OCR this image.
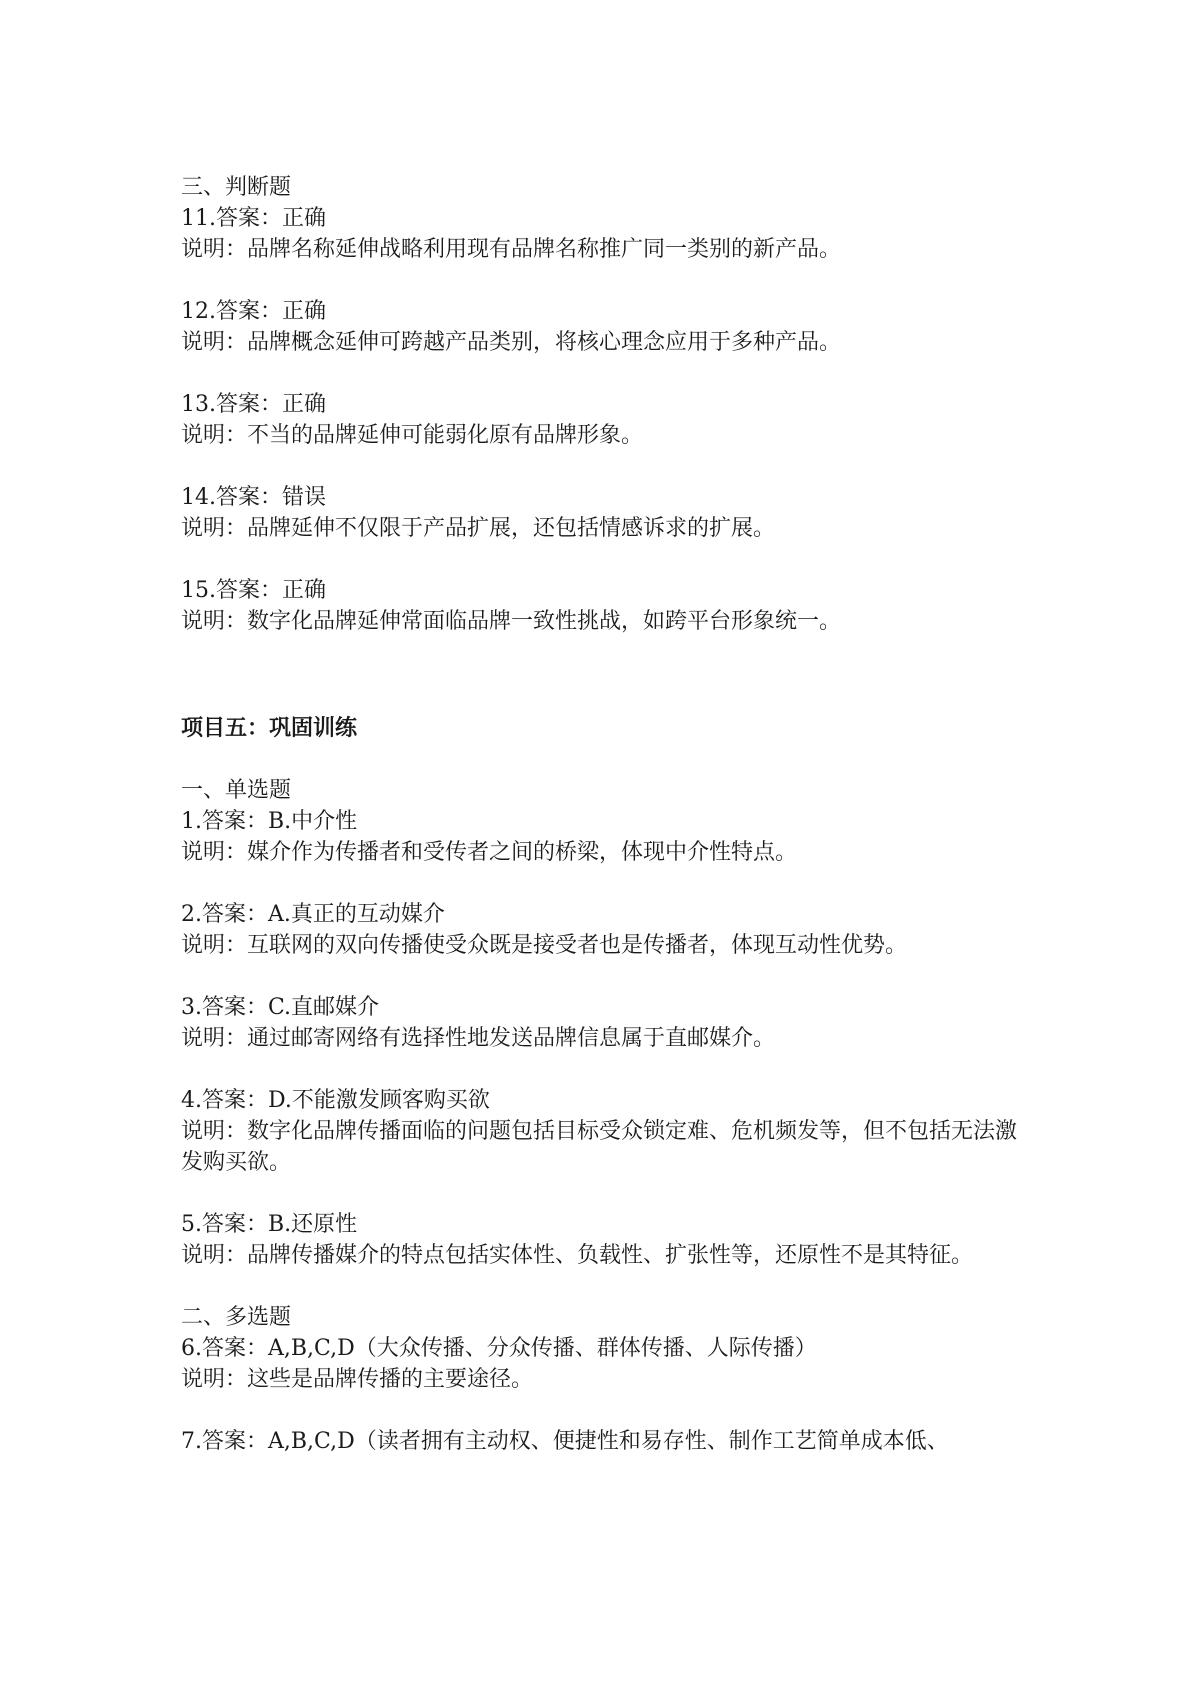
三、判断题
11.答案：正确
说明：品牌名称延伸战略利用现有品牌名称推广同一类别的新产品。
12.答案：正确
说明：品牌概念延伸可跨越产品类别，将核心理念应用于多种产品。
13.答案：正确
说明：不当的品牌延伸可能弱化原有品牌形象。
14.答案：错误
说明：品牌延伸不仅限于产品扩展，还包括情感诉求的扩展。
15.答案：正确
说明：数字化品牌延伸常面临品牌一致性挑战，如跨平台形象统一。
项目五：巩固训练
一、单选题
1.答案：B.中介性
说明：媒介作为传播者和受传者之间的桥梁，体现中介性特点。
2.答案：A.真正的互动媒介
说明：互联网的双向传播使受众既是接受者也是传播者，体现互动性优势。
3.答案：C.直邮媒介
说明：通过邮寄网络有选择性地发送品牌信息属于直邮媒介。
4.答案：D.不能激发顾客购买欲
说明：数字化品牌传播面临的问题包括目标受众锁定难、危机频发等，但不包括无法激发购买欲。
5.答案：B.还原性
说明：品牌传播媒介的特点包括实体性、负载性、扩张性等，还原性不是其特征。
二、多选题
6.答案：A,B,C,D（大众传播、分众传播、群体传播、人际传播）
说明：这些是品牌传播的主要途径。
7.答案：A,B,C,D（读者拥有主动权、便捷性和易存性、制作工艺简单成本低、
